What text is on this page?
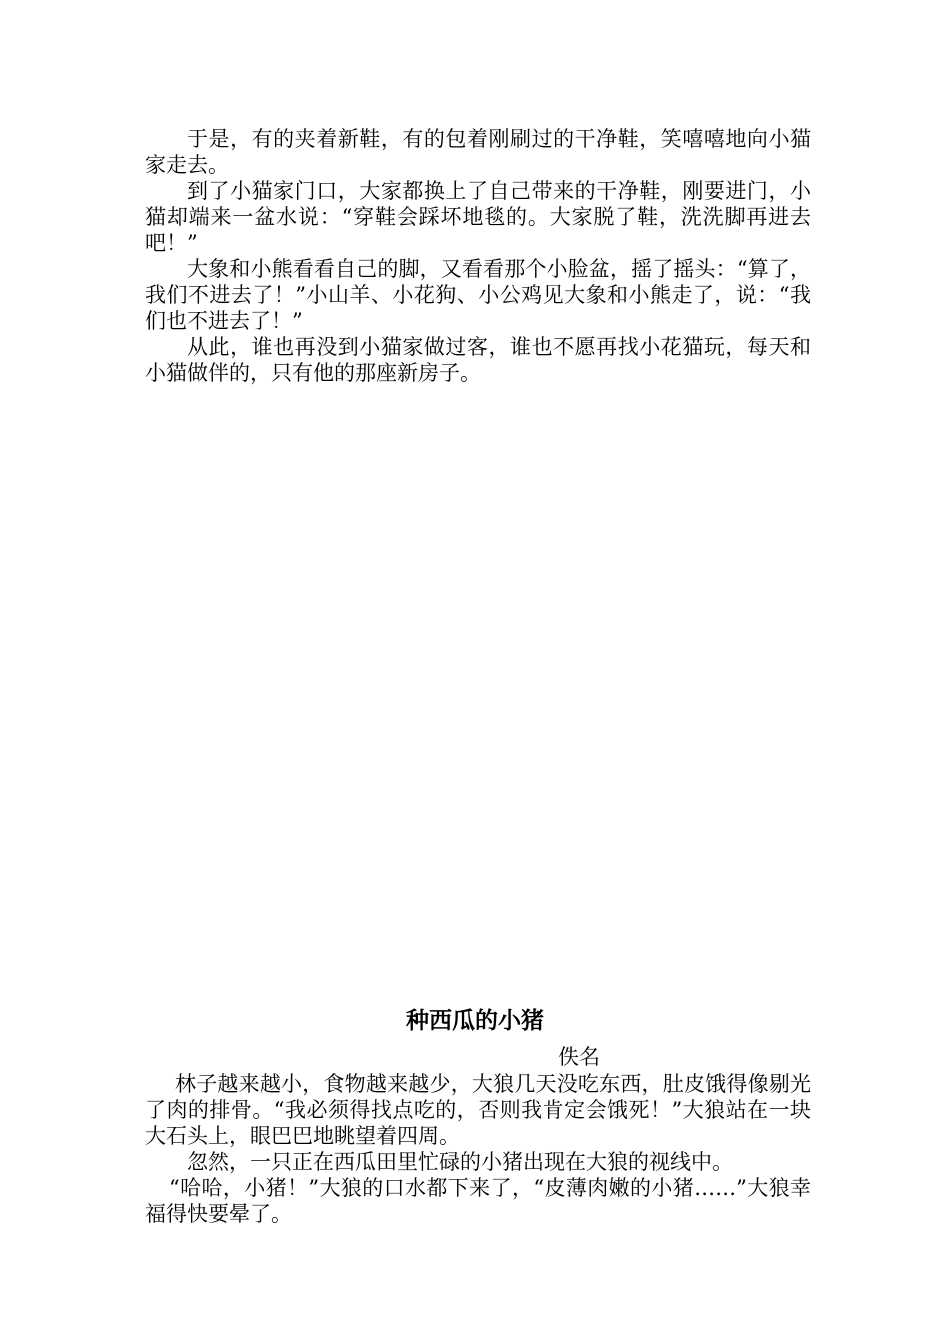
于是，有的夹着新鞋，有的包着刚刷过的干净鞋，笑嘻嘻地向小猫家走去。

到了小猫家门口，大家都换上了自己带来的干净鞋，刚要进门，小猫却端来一盆水说：“穿鞋会踩坏地毯的。大家脱了鞋，洗洗脚再进去吧！”

大象和小熊看看自己的脚，又看看那个小脸盆，摇了摇头：“算了，我们不进去了！”小山羊、小花狗、小公鸡见大象和小熊走了，说：“我们也不进去了！”

从此，谁也再没到小猫家做过客，谁也不愿再找小花猫玩，每天和小猫做伴的，只有他的那座新房子。

种西瓜的小猪

佚名

林子越来越小，食物越来越少，大狼几天没吃东西，肚皮饿得像剔光了肉的排骨。“我必须得找点吃的，否则我肯定会饿死！”大狼站在一块大石头上，眼巴巴地眺望着四周。

忽然，一只正在西瓜田里忙碌的小猪出现在大狼的视线中。

“哈哈，小猪！”大狼的口水都下来了，“皮薄肉嫩的小猪……”大狼幸福得快要晕了。
